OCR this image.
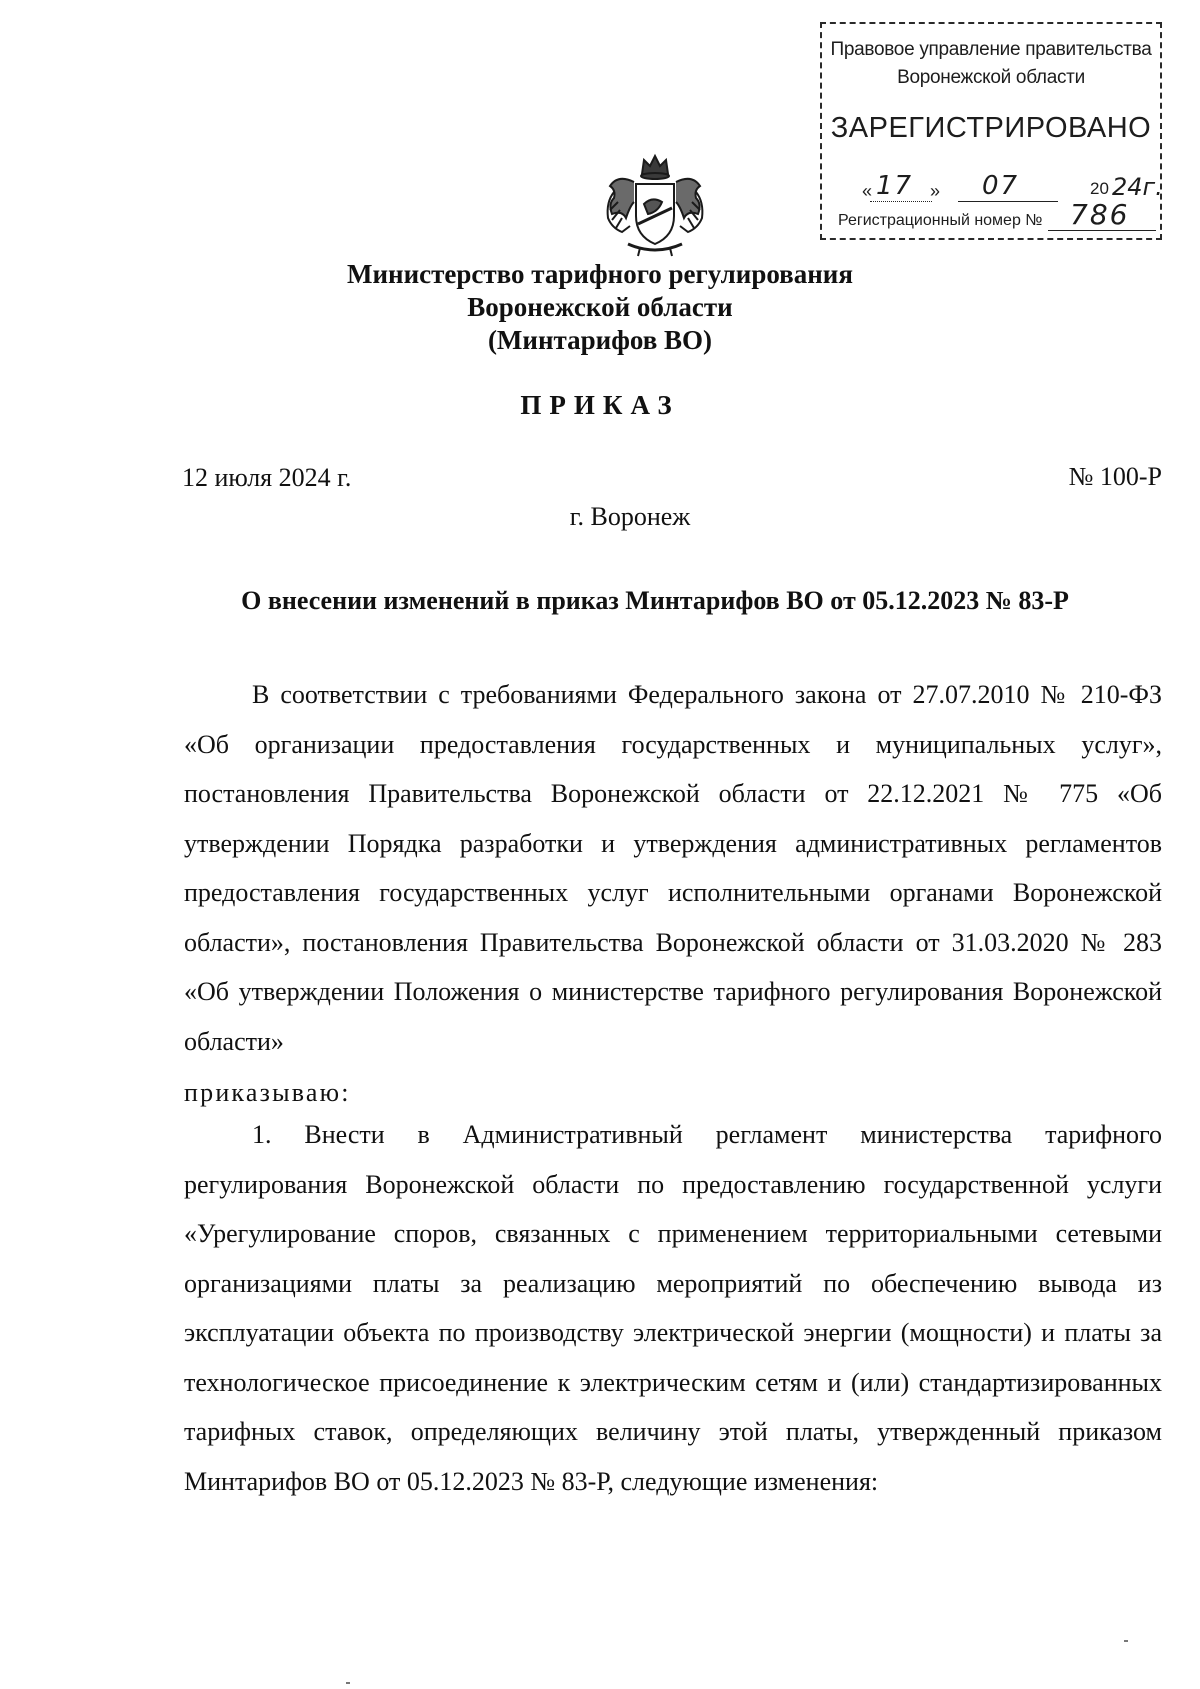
Правовое управление правительства Воронежской области
ЗАРЕГИСТРИРОВАНО
« 17 » 07	20 24г.
Регистрационный номер № 786
Министерство тарифного регулирования
Воронежской области
(Минтарифов ВО)
ПРИКАЗ
12 июля 2024 г.	№ 100-Р
г. Воронеж
О внесении изменений в приказ Минтарифов ВО от 05.12.2023 № 83-Р
В соответствии с требованиями Федерального закона от 27.07.2010 № 210-ФЗ «Об организации предоставления государственных и муниципальных услуг», постановления Правительства Воронежской области от 22.12.2021 № 775 «Об утверждении Порядка разработки и утверждения административных регламентов предоставления государственных услуг исполнительными органами Воронежской области», постановления Правительства Воронежской области от 31.03.2020 № 283 «Об утверждении Положения о министерстве тарифного регулирования Воронежской области»
приказываю:
1. Внести в Административный регламент министерства тарифного регулирования Воронежской области по предоставлению государственной услуги «Урегулирование споров, связанных с применением территориальными сетевыми организациями платы за реализацию мероприятий по обеспечению вывода из эксплуатации объекта по производству электрической энергии (мощности) и платы за технологическое присоединение к электрическим сетям и (или) стандартизированных тарифных ставок, определяющих величину этой платы, утвержденный приказом Минтарифов ВО от 05.12.2023 № 83-Р, следующие изменения:
